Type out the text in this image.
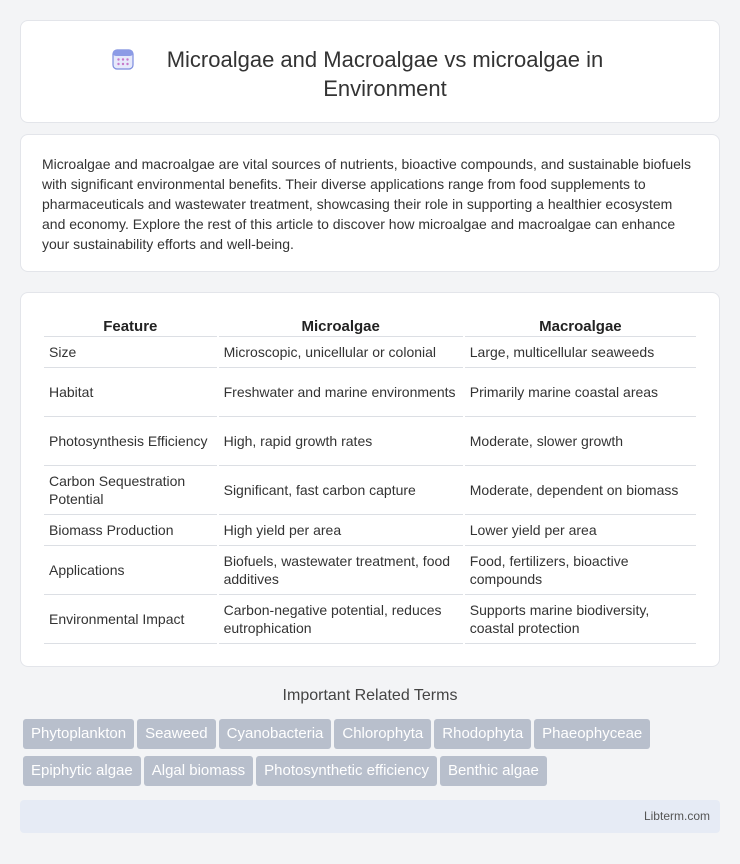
Microalgae and Macroalgae vs microalgae in Environment

Microalgae and macroalgae are vital sources of nutrients, bioactive compounds, and sustainable biofuels with significant environmental benefits. Their diverse applications range from food supplements to pharmaceuticals and wastewater treatment, showcasing their role in supporting a healthier ecosystem and economy. Explore the rest of this article to discover how microalgae and macroalgae can enhance your sustainability efforts and well-being.

Feature	Microalgae	Macroalgae
Size	Microscopic, unicellular or colonial	Large, multicellular seaweeds
Habitat	Freshwater and marine environments	Primarily marine coastal areas
Photosynthesis Efficiency	High, rapid growth rates	Moderate, slower growth
Carbon Sequestration Potential	Significant, fast carbon capture	Moderate, dependent on biomass
Biomass Production	High yield per area	Lower yield per area
Applications	Biofuels, wastewater treatment, food additives	Food, fertilizers, bioactive compounds
Environmental Impact	Carbon-negative potential, reduces eutrophication	Supports marine biodiversity, coastal protection
Important Related Terms
Phytoplankton Seaweed Cyanobacteria Chlorophyta Rhodophyta PhaeophyceaeEpiphytic algae Algal biomass Photosynthetic efficiency Benthic algae
Libterm.com
